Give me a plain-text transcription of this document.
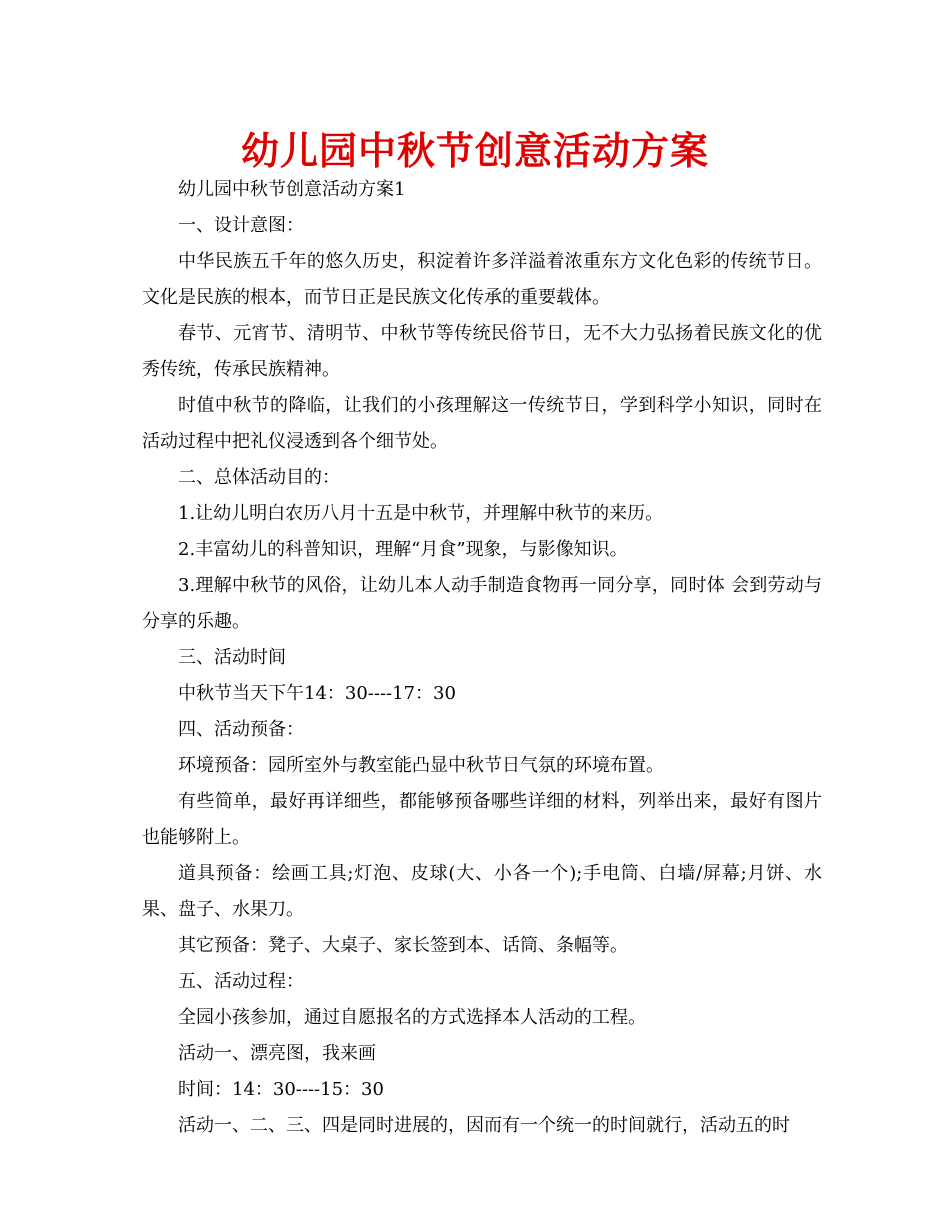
幼儿园中秋节创意活动方案

幼儿园中秋节创意活动方案1

一、设计意图：

中华民族五千年的悠久历史，积淀着许多洋溢着浓重东方文化色彩的传统节日。文化是民族的根本，而节日正是民族文化传承的重要载体。

春节、元宵节、清明节、中秋节等传统民俗节日，无不大力弘扬着民族文化的优秀传统，传承民族精神。

时值中秋节的降临，让我们的小孩理解这一传统节日，学到科学小知识，同时在活动过程中把礼仪浸透到各个细节处。

二、总体活动目的：

1.让幼儿明白农历八月十五是中秋节，并理解中秋节的来历。

2.丰富幼儿的科普知识，理解“月食”现象，与影像知识。

3.理解中秋节的风俗，让幼儿本人动手制造食物再一同分享，同时体 会到劳动与分享的乐趣。

三、活动时间

中秋节当天下午14：30----17：30

四、活动预备：

环境预备：园所室外与教室能凸显中秋节日气氛的环境布置。

有些简单，最好再详细些，都能够预备哪些详细的材料，列举出来，最好有图片也能够附上。

道具预备：绘画工具;灯泡、皮球(大、小各一个);手电筒、白墙/屏幕;月饼、水果、盘子、水果刀。

其它预备：凳子、大桌子、家长签到本、话筒、条幅等。

五、活动过程：

全园小孩参加，通过自愿报名的方式选择本人活动的工程。

活动一、漂亮图，我来画

时间：14：30----15：30

活动一、二、三、四是同时进展的，因而有一个统一的时间就行，活动五的时
